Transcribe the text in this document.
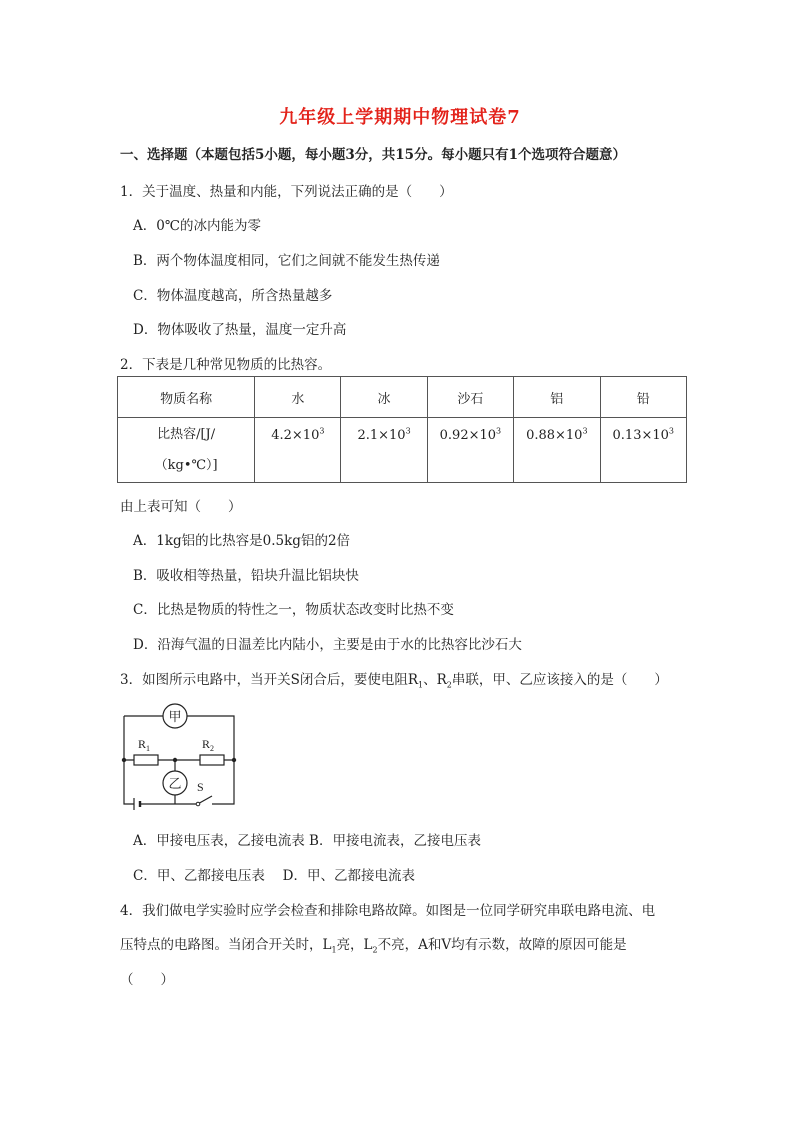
九年级上学期期中物理试卷7
一、选择题（本题包括5小题，每小题3分，共15分。每小题只有1个选项符合题意）
1．关于温度、热量和内能，下列说法正确的是（　　）
A．0℃的冰内能为零
B．两个物体温度相同，它们之间就不能发生热传递
C．物体温度越高，所含热量越多
D．物体吸收了热量，温度一定升高
2．下表是几种常见物质的比热容。
物质名称	水	冰	沙石	铝	铅

比热容/[J/
（kg•℃）]	$4.2\times 10^3$	$2.1\times 10^3$	$0.92\times 10^3$	$0.88\times 10^3$	$0.13\times 10^3$
由上表可知（　　）
A．1kg铝的比热容是0.5kg铝的2倍
B．吸收相等热量，铅块升温比铝块快
C．比热是物质的特性之一，物质状态改变时比热不变
D．沿海气温的日温差比内陆小，主要是由于水的比热容比沙石大
3．如图所示电路中，当开关S闭合后，要使电阻$R_1$、$R_2$串联，甲、乙应该接入的是（　　）
甲
$R_1$	$R_2$
乙 S
A．甲接电压表，乙接电流表 B．甲接电流表，乙接电压表
C．甲、乙都接电压表　 D．甲、乙都接电流表
4．我们做电学实验时应学会检查和排除电路故障。如图是一位同学研究串联电路电流、电
压特点的电路图。当闭合开关时，$L_1$亮，$L_2$不亮，A和V均有示数，故障的原因可能是
（　　）
